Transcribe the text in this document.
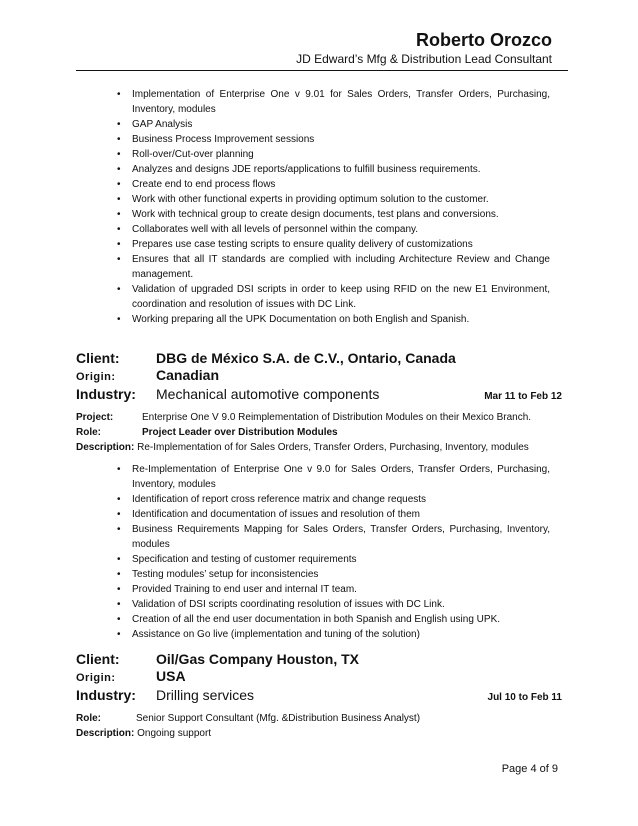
Roberto Orozco
JD Edward’s Mfg & Distribution Lead Consultant
• Implementation of Enterprise One v 9.01 for Sales Orders, Transfer Orders, Purchasing, Inventory, modules
• GAP Analysis
• Business Process Improvement sessions
• Roll-over/Cut-over planning
• Analyzes and designs JDE reports/applications to fulfill business requirements.
• Create end to end process flows
• Work with other functional experts in providing optimum solution to the customer.
• Work with technical group to create design documents, test plans and conversions.
• Collaborates well with all levels of personnel within the company.
• Prepares use case testing scripts to ensure quality delivery of customizations
• Ensures that all IT standards are complied with including Architecture Review and Change management.
• Validation of upgraded DSI scripts in order to keep using RFID on the new E1 Environment, coordination and resolution of issues with DC Link.
• Working preparing all the UPK Documentation on both English and Spanish.
Client:	DBG de México S.A. de C.V., Ontario, Canada
Origin:	Canadian
Industry:	Mechanical automotive components	Mar 11 to Feb 12
Project:	Enterprise One V 9.0 Reimplementation of Distribution Modules on their Mexico Branch.
Role:	Project Leader over Distribution Modules
Description: Re-Implementation of for Sales Orders, Transfer Orders, Purchasing, Inventory, modules
• Re-Implementation of Enterprise One v 9.0 for Sales Orders, Transfer Orders, Purchasing, Inventory, modules
• Identification of report cross reference matrix and change requests
• Identification and documentation of issues and resolution of them
• Business Requirements Mapping for Sales Orders, Transfer Orders, Purchasing, Inventory, modules
• Specification and testing of customer requirements
• Testing modules’ setup for inconsistencies
• Provided Training to end user and internal IT team.
• Validation of DSI scripts coordinating resolution of issues with DC Link.
• Creation of all the end user documentation in both Spanish and English using UPK.
• Assistance on Go live (implementation and tuning of the solution)
Client:	Oil/Gas Company Houston, TX
Origin:	USA
Industry:	Drilling services	Jul 10 to Feb 11
Role:	Senior Support Consultant (Mfg. &Distribution Business Analyst)
Description: Ongoing support
Page 4 of 9
